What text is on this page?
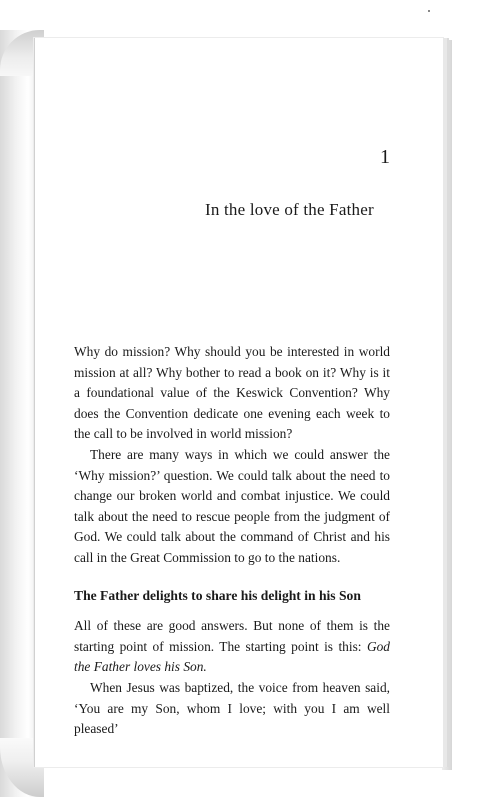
1
In the love of the Father

Why do mission? Why should you be interested in world mission at all? Why bother to read a book on it? Why is it a foundational value of the Keswick Convention? Why does the Convention dedicate one evening each week to the call to be involved in world mission?

There are many ways in which we could answer the ‘Why mission?’ question. We could talk about the need to change our broken world and combat injustice. We could talk about the need to rescue people from the judgment of God. We could talk about the command of Christ and his call in the Great Commission to go to the nations.

The Father delights to share his delight in his Son

All of these are good answers. But none of them is the starting point of mission. The starting point is this: God the Father loves his Son.

When Jesus was baptized, the voice from heaven said, ‘You are my Son, whom I love; with you I am well pleased’
